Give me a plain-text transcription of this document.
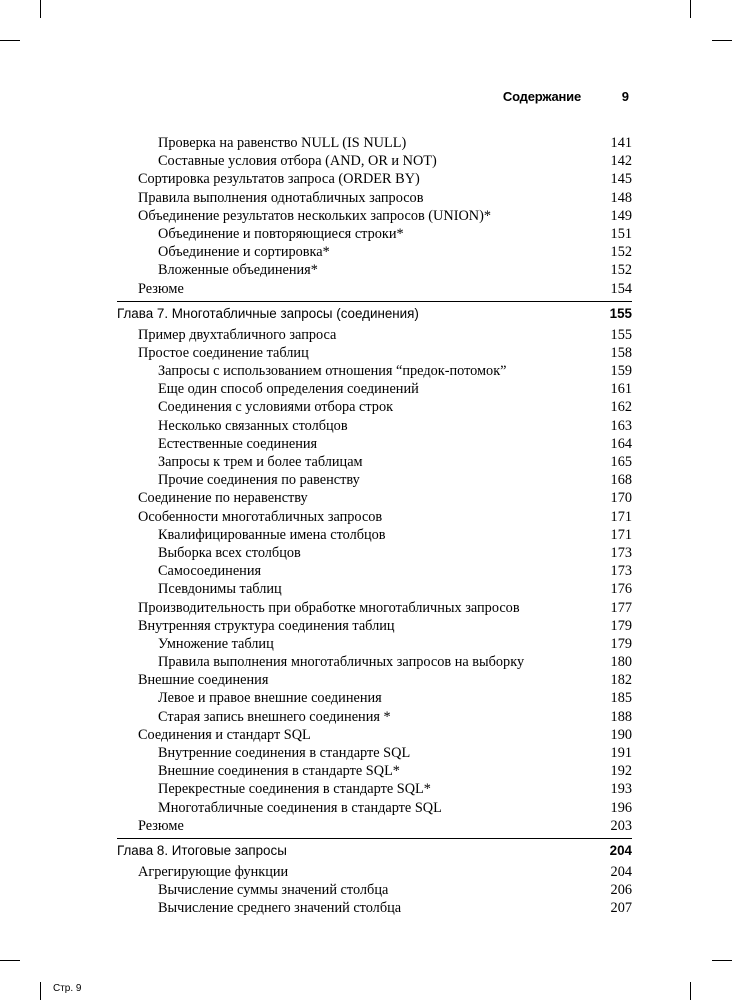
Содержание	9
Проверка на равенство NULL (IS NULL)	141
Составные условия отбора (AND, OR и NOT)	142
Сортировка результатов запроса (ORDER BY)	145
Правила выполнения однотабличных запросов	148
Объединение результатов нескольких запросов (UNION)*	149
Объединение и повторяющиеся строки*	151
Объединение и сортировка*	152
Вложенные объединения*	152
Резюме	154
Глава 7. Многотабличные запросы (соединения)	155
Пример двухтабличного запроса	155
Простое соединение таблиц	158
Запросы с использованием отношения “предок-потомок”	159
Еще один способ определения соединений	161
Соединения с условиями отбора строк	162
Несколько связанных столбцов	163
Естественные соединения	164
Запросы к трем и более таблицам	165
Прочие соединения по равенству	168
Соединение по неравенству	170
Особенности многотабличных запросов	171
Квалифицированные имена столбцов	171
Выборка всех столбцов	173
Самосоединения	173
Псевдонимы таблиц	176
Производительность при обработке многотабличных запросов	177
Внутренняя структура соединения таблиц	179
Умножение таблиц	179
Правила выполнения многотабличных запросов на выборку	180
Внешние соединения	182
Левое и правое внешние соединения	185
Старая запись внешнего соединения *	188
Соединения и стандарт SQL	190
Внутренние соединения в стандарте SQL	191
Внешние соединения в стандарте SQL*	192
Перекрестные соединения в стандарте SQL*	193
Многотабличные соединения в стандарте SQL	196
Резюме	203
Глава 8. Итоговые запросы	204
Агрегирующие функции	204
Вычисление суммы значений столбца	206
Вычисление среднего значений столбца	207
Стр. 9
